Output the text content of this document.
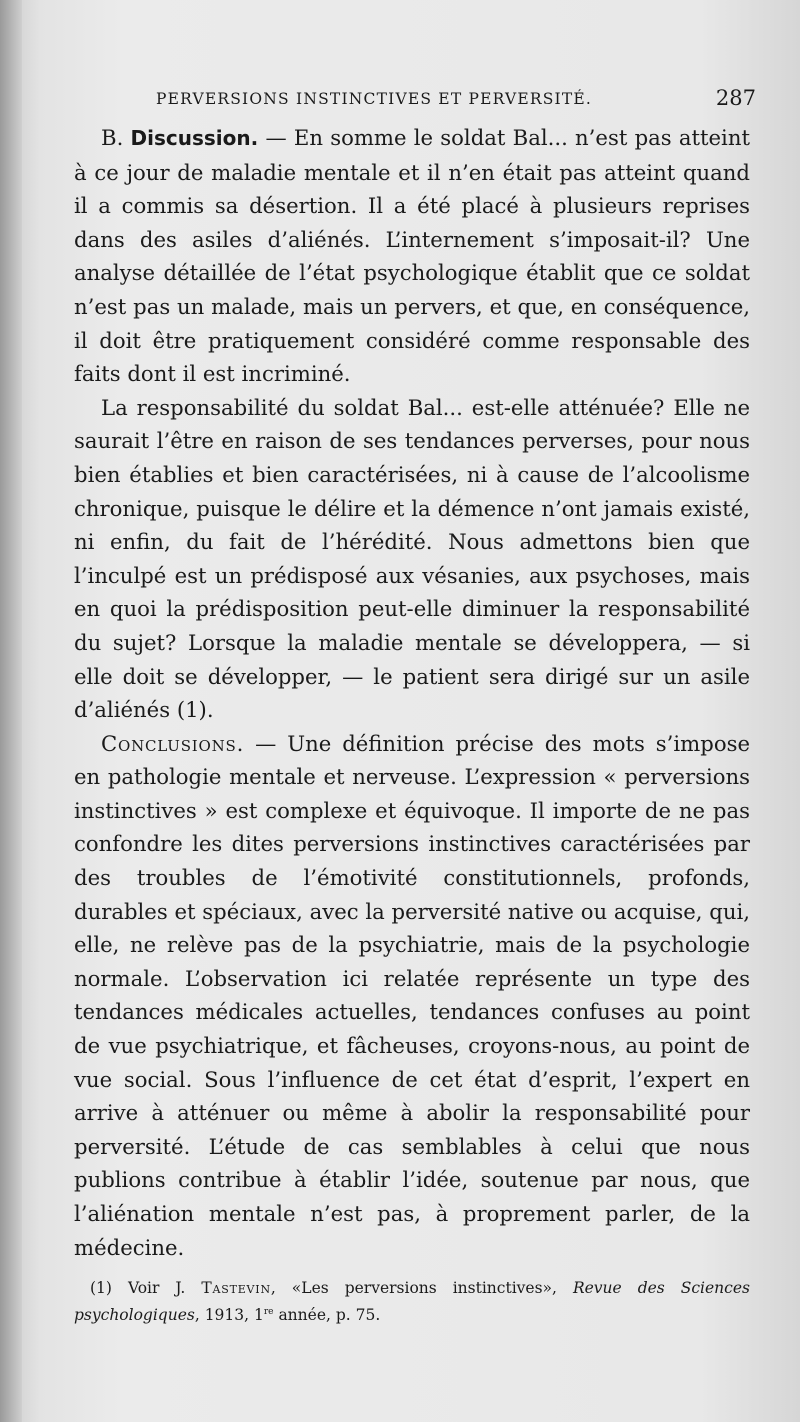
PERVERSIONS INSTINCTIVES ET PERVERSITÉ.	287

B. Discussion. — En somme le soldat Bal... n’est pas atteint à ce jour de maladie mentale et il n’en était pas atteint quand il a commis sa désertion. Il a été placé à plusieurs reprises dans des asiles d’aliénés. L’internement s’imposait-il? Une analyse détaillée de l’état psychologique établit que ce soldat n’est pas un malade, mais un pervers, et que, en conséquence, il doit être pratiquement considéré comme responsable des faits dont il est incriminé.

La responsabilité du soldat Bal... est-elle atténuée? Elle ne saurait l’être en raison de ses tendances perverses, pour nous bien établies et bien caractérisées, ni à cause de l’alcoolisme chronique, puisque le délire et la démence n’ont jamais existé, ni enfin, du fait de l’hérédité. Nous admettons bien que l’inculpé est un prédisposé aux vésanies, aux psychoses, mais en quoi la prédisposition peut-elle diminuer la responsabilité du sujet? Lorsque la maladie mentale se développera, — si elle doit se développer, — le patient sera dirigé sur un asile d’aliénés (1).

Conclusions. — Une définition précise des mots s’impose en pathologie mentale et nerveuse. L’expression « perversions instinctives » est complexe et équivoque. Il importe de ne pas confondre les dites perversions instinctives caractérisées par des troubles de l’émotivité constitutionnels, profonds, durables et spéciaux, avec la perversité native ou acquise, qui, elle, ne relève pas de la psychiatrie, mais de la psychologie normale. L’observation ici relatée représente un type des tendances médicales actuelles, tendances confuses au point de vue psychiatrique, et fâcheuses, croyons-nous, au point de vue social. Sous l’influence de cet état d’esprit, l’expert en arrive à atténuer ou même à abolir la responsabilité pour perversité. L’étude de cas semblables à celui que nous publions contribue à établir l’idée, soutenue par nous, que l’aliénation mentale n’est pas, à proprement parler, de la médecine.

(1) Voir J. Tastevin, «Les perversions instinctives», Revue des Sciences psychologiques, 1913, 1re année, p. 75.
